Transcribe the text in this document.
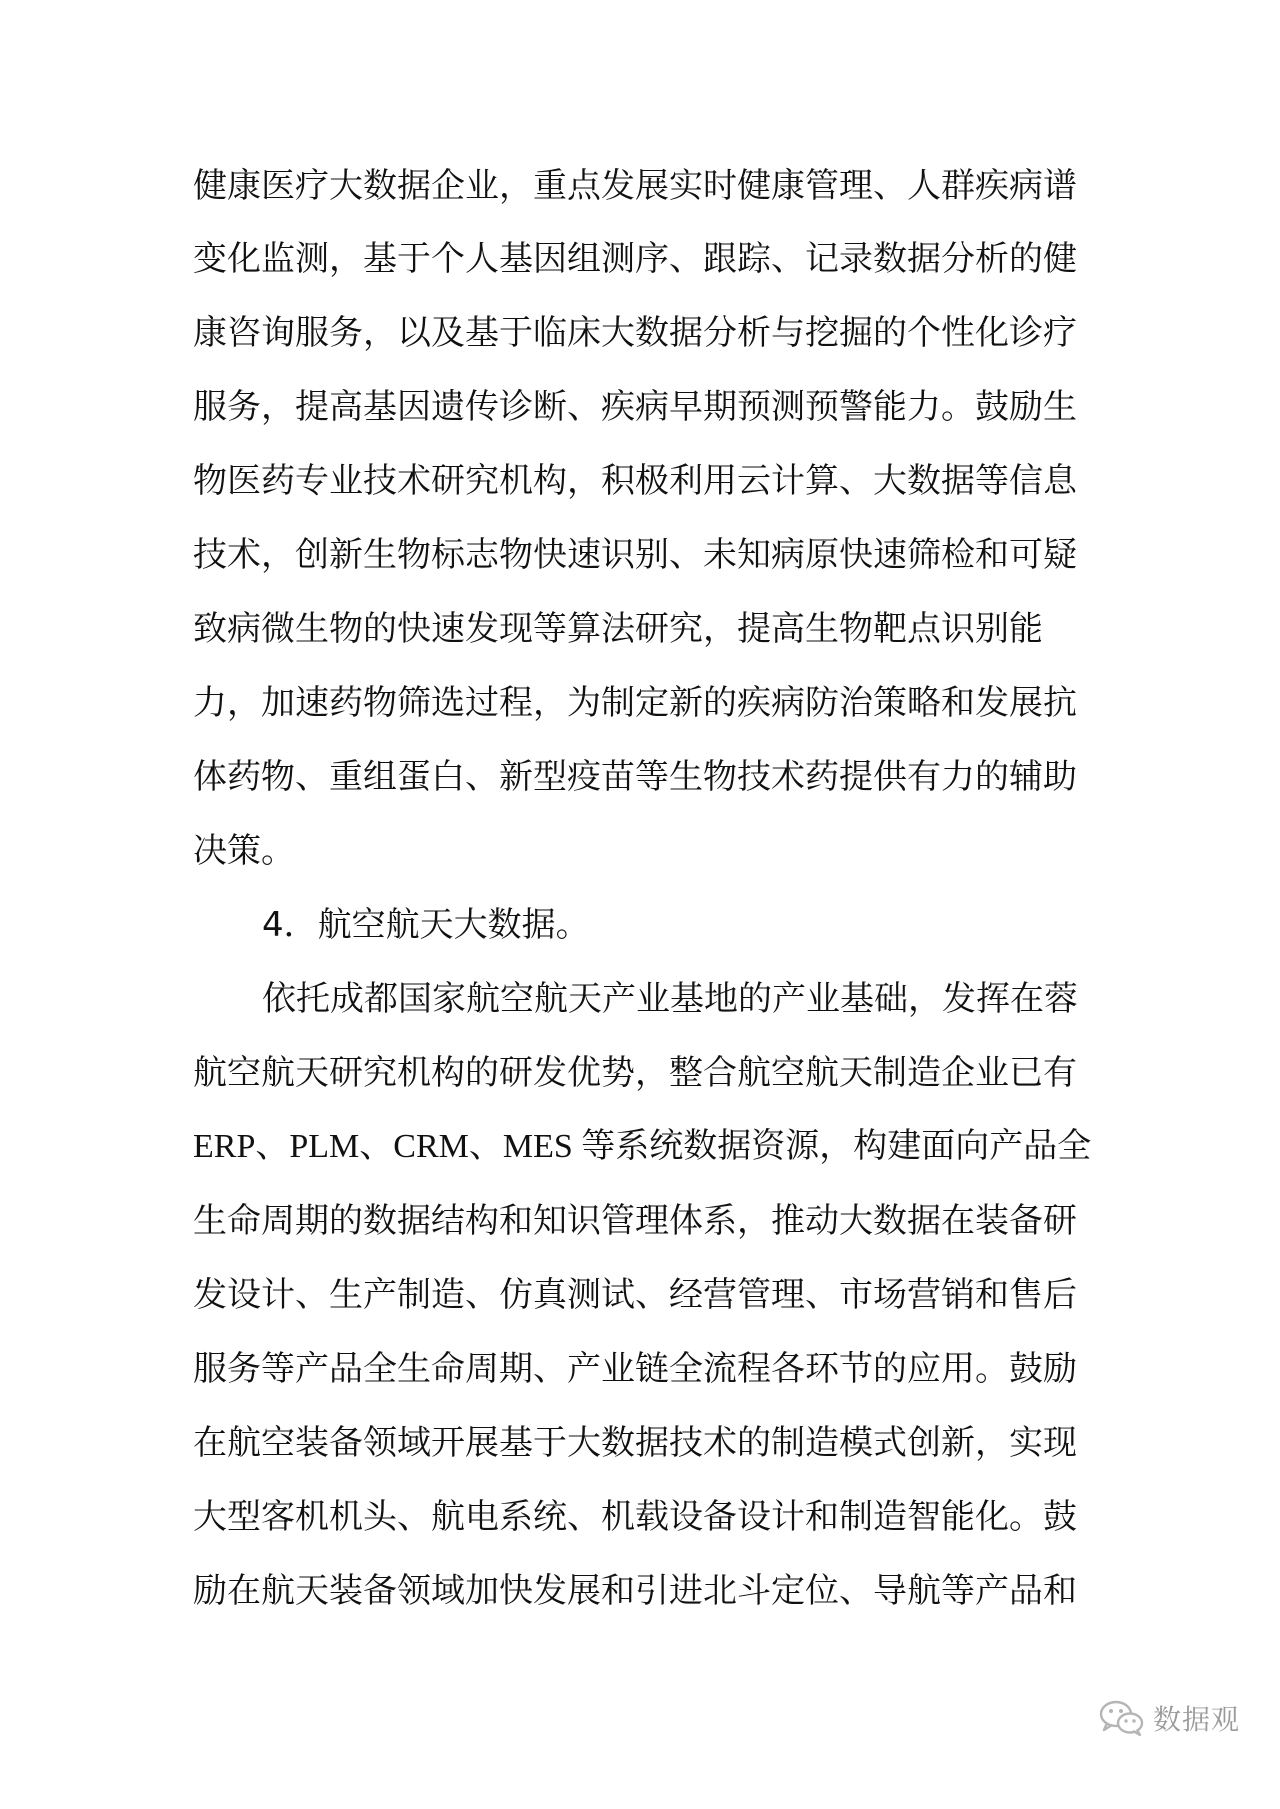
健康医疗大数据企业，重点发展实时健康管理、人群疾病谱
变化监测，基于个人基因组测序、跟踪、记录数据分析的健
康咨询服务，以及基于临床大数据分析与挖掘的个性化诊疗
服务，提高基因遗传诊断、疾病早期预测预警能力。鼓励生
物医药专业技术研究机构，积极利用云计算、大数据等信息
技术，创新生物标志物快速识别、未知病原快速筛检和可疑
致病微生物的快速发现等算法研究，提高生物靶点识别能
力，加速药物筛选过程，为制定新的疾病防治策略和发展抗
体药物、重组蛋白、新型疫苗等生物技术药提供有力的辅助
决策。
4．航空航天大数据。
依托成都国家航空航天产业基地的产业基础，发挥在蓉
航空航天研究机构的研发优势，整合航空航天制造企业已有
ERP、PLM、CRM、MES 等系统数据资源，构建面向产品全
生命周期的数据结构和知识管理体系，推动大数据在装备研
发设计、生产制造、仿真测试、经营管理、市场营销和售后
服务等产品全生命周期、产业链全流程各环节的应用。鼓励
在航空装备领域开展基于大数据技术的制造模式创新，实现
大型客机机头、航电系统、机载设备设计和制造智能化。鼓
励在航天装备领域加快发展和引进北斗定位、导航等产品和
数据观
